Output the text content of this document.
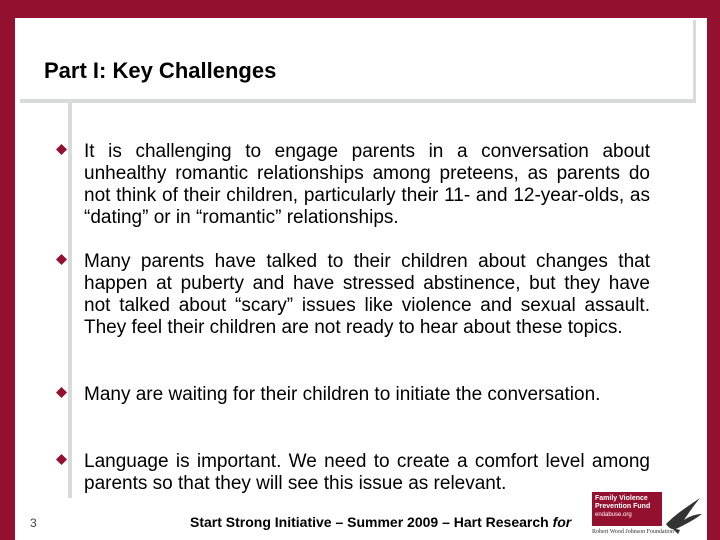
Part I: Key Challenges
It is challenging to engage parents in a conversation about unhealthy romantic relationships among preteens, as parents do not think of their children, particularly their 11- and 12-year-olds, as “dating” or in “romantic” relationships.
Many parents have talked to their children about changes that happen at puberty and have stressed abstinence, but they have not talked about “scary” issues like violence and sexual assault. They feel their children are not ready to hear about these topics.
Many are waiting for their children to initiate the conversation.
Language is important. We need to create a comfort level among parents so that they will see this issue as relevant.
3	Start Strong Initiative – Summer 2009 – Hart Research for
Family Violence Prevention Fund
endabuse.org
Robert Wood Johnson Foundation
